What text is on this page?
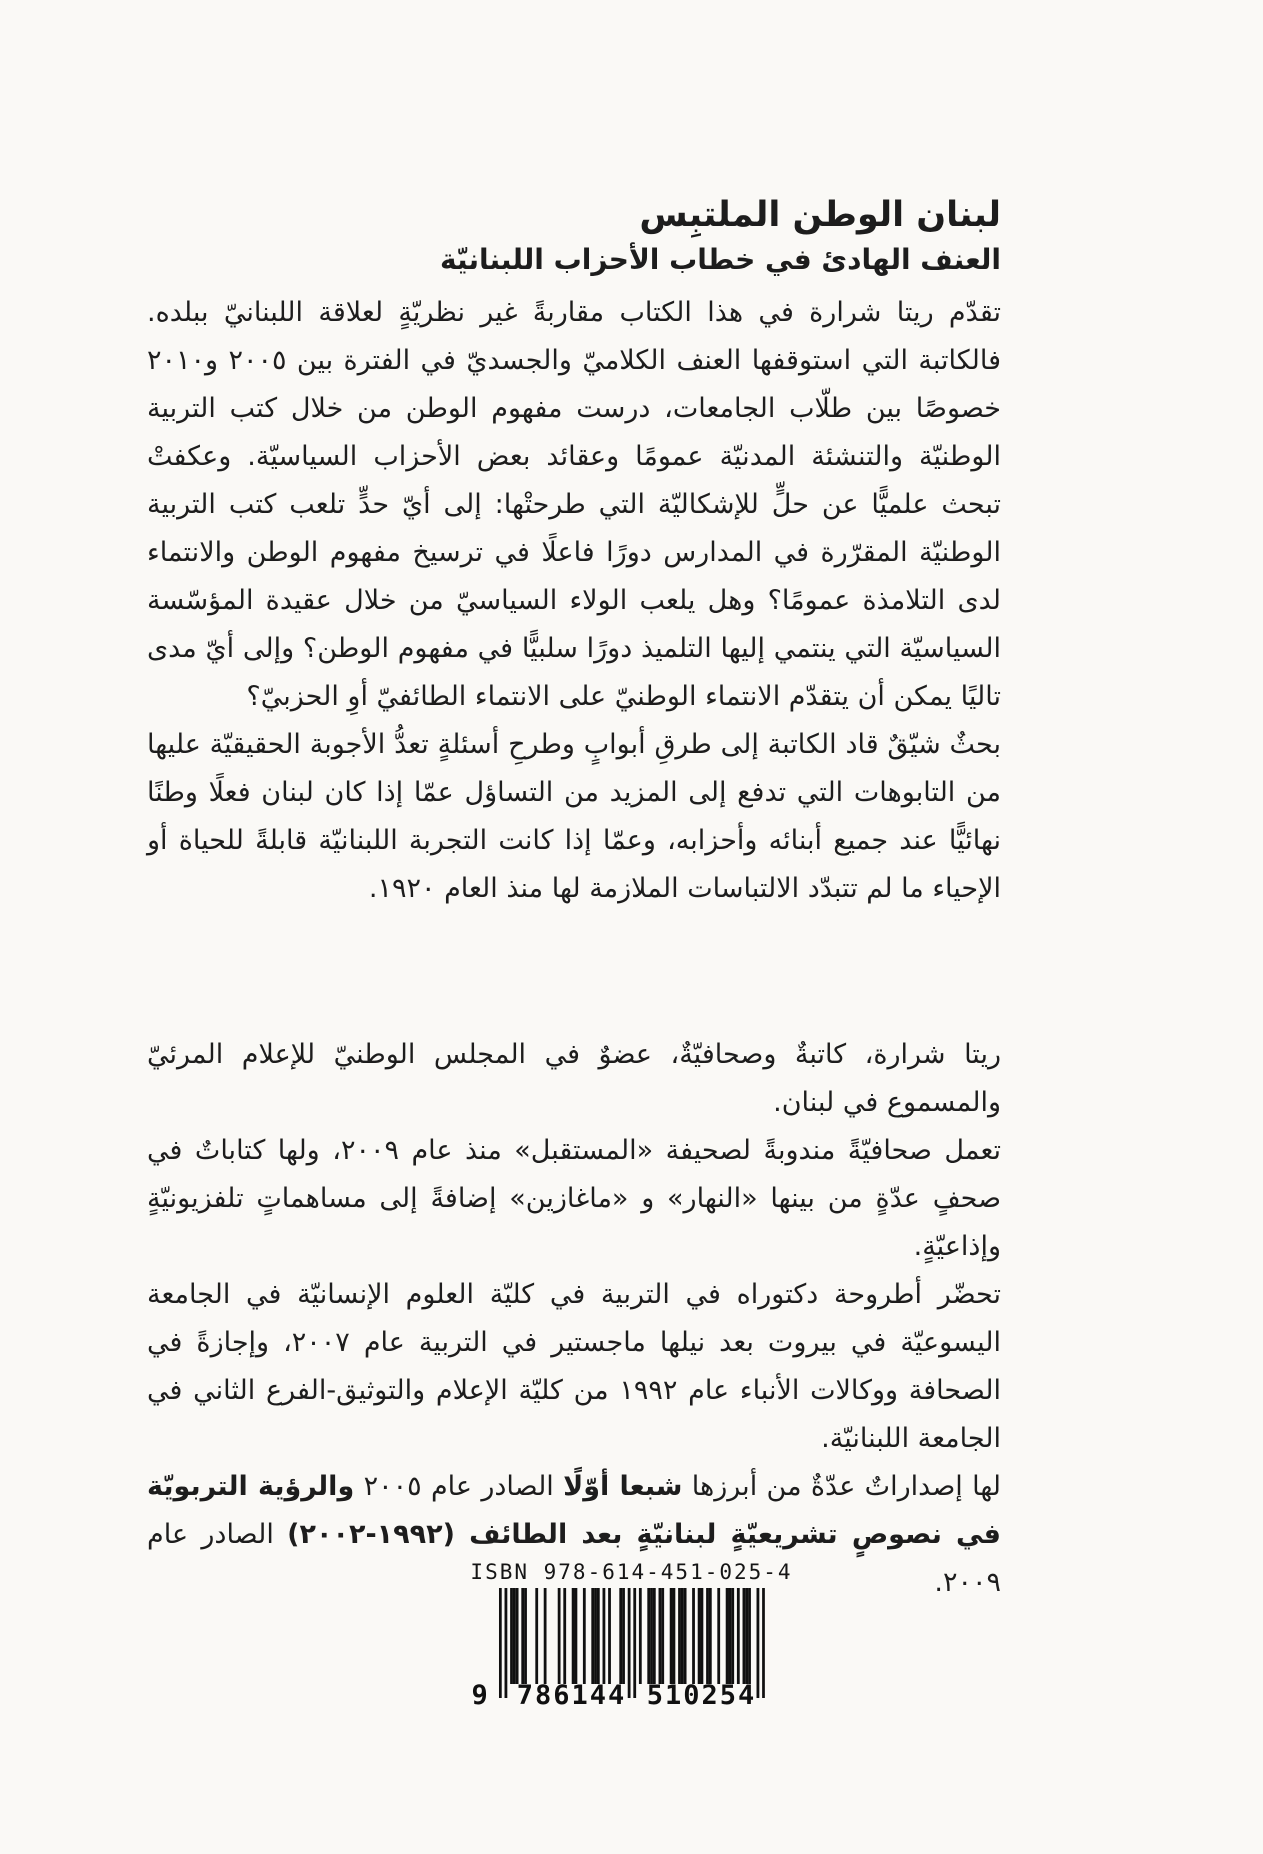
لبنان الوطن الملتبِس
العنف الهادئ في خطاب الأحزاب اللبنانيّة

تقدّم ريتا شرارة في هذا الكتاب مقاربةً غير نظريّةٍ لعلاقة اللبنانيّ ببلده. فالكاتبة التي استوقفها العنف الكلاميّ والجسديّ في الفترة بين ٢٠٠٥ و٢٠١٠ خصوصًا بين طلّاب الجامعات، درست مفهوم الوطن من خلال كتب التربية الوطنيّة والتنشئة المدنيّة عمومًا وعقائد بعض الأحزاب السياسيّة. وعكفتْ تبحث علميًّا عن حلٍّ للإشكاليّة التي طرحتْها: إلى أيّ حدٍّ تلعب كتب التربية الوطنيّة المقرّرة في المدارس دورًا فاعلًا في ترسيخ مفهوم الوطن والانتماء لدى التلامذة عمومًا؟ وهل يلعب الولاء السياسيّ من خلال عقيدة المؤسّسة السياسيّة التي ينتمي إليها التلميذ دورًا سلبيًّا في مفهوم الوطن؟ وإلى أيّ مدى تاليًا يمكن أن يتقدّم الانتماء الوطنيّ على الانتماء الطائفيّ أوِ الحزبيّ؟

بحثٌ شيّقٌ قاد الكاتبة إلى طرقِ أبوابٍ وطرحِ أسئلةٍ تعدُّ الأجوبة الحقيقيّة عليها من التابوهات التي تدفع إلى المزيد من التساؤل عمّا إذا كان لبنان فعلًا وطنًا نهائيًّا عند جميع أبنائه وأحزابه، وعمّا إذا كانت التجربة اللبنانيّة قابلةً للحياة أو الإحياء ما لم تتبدّد الالتباسات الملازمة لها منذ العام ١٩٢٠.

ريتا شرارة، كاتبةٌ وصحافيّةٌ، عضوٌ في المجلس الوطنيّ للإعلام المرئيّ والمسموع في لبنان.

تعمل صحافيّةً مندوبةً لصحيفة «المستقبل» منذ عام ٢٠٠٩، ولها كتاباتٌ في صحفٍ عدّةٍ من بينها «النهار» و «ماغازين» إضافةً إلى مساهماتٍ تلفزيونيّةٍ وإذاعيّةٍ.

تحضّر أطروحة دكتوراه في التربية في كليّة العلوم الإنسانيّة في الجامعة اليسوعيّة في بيروت بعد نيلها ماجستير في التربية عام ٢٠٠٧، وإجازةً في الصحافة ووكالات الأنباء عام ١٩٩٢ من كليّة الإعلام والتوثيق-الفرع الثاني في الجامعة اللبنانيّة.

لها إصداراتٌ عدّةٌ من أبرزها شبعا أوّلًا الصادر عام ٢٠٠٥ والرؤية التربويّة في نصوصٍ تشريعيّةٍ لبنانيّةٍ بعد الطائف (١٩٩٢-٢٠٠٢) الصادر عام ٢٠٠٩.

ISBN 978-614-451-025-4
9 786144 510254
